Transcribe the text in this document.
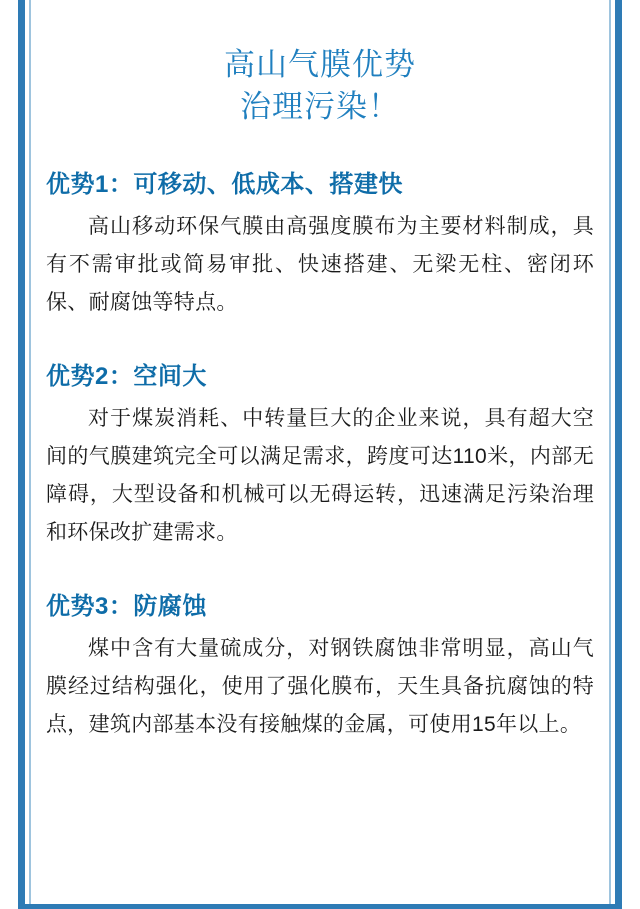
高山气膜优势
治理污染！
优势1：可移动、低成本、搭建快

高山移动环保气膜由高强度膜布为主要材料制成，具有不需审批或简易审批、快速搭建、无梁无柱、密闭环保、耐腐蚀等特点。

优势2：空间大

对于煤炭消耗、中转量巨大的企业来说，具有超大空间的气膜建筑完全可以满足需求，跨度可达110米，内部无障碍，大型设备和机械可以无碍运转，迅速满足污染治理和环保改扩建需求。

优势3：防腐蚀

煤中含有大量硫成分，对钢铁腐蚀非常明显，高山气膜经过结构强化，使用了强化膜布，天生具备抗腐蚀的特点，建筑内部基本没有接触煤的金属，可使用15年以上。
